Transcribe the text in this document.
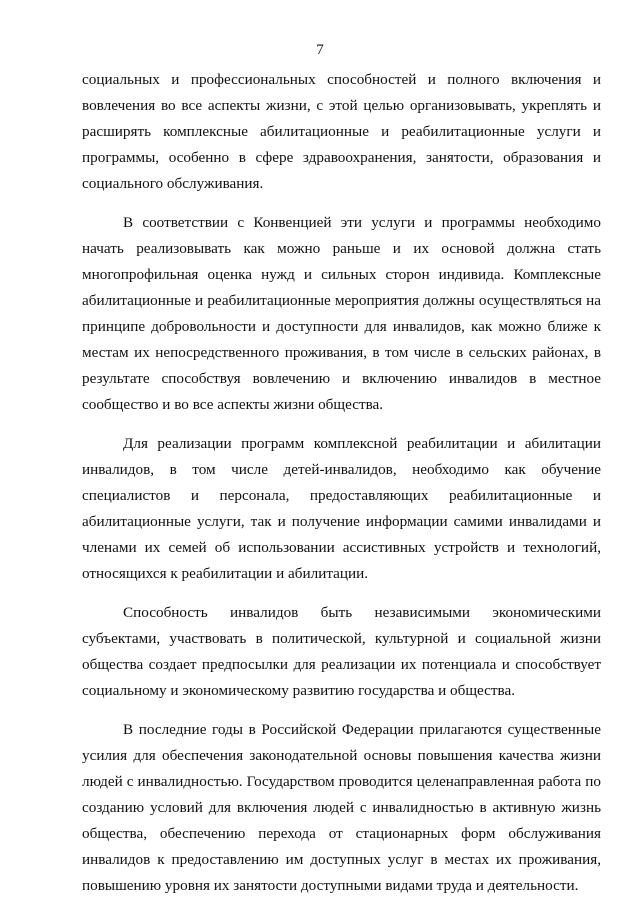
7

социальных и профессиональных способностей и полного включения и вовлечения во все аспекты жизни, с этой целью организовывать, укреплять и расширять комплексные абилитационные и реабилитационные услуги и программы, особенно в сфере здравоохранения, занятости, образования и социального обслуживания.

В соответствии с Конвенцией эти услуги и программы необходимо начать реализовывать как можно раньше и их основой должна стать многопрофильная оценка нужд и сильных сторон индивида. Комплексные абилитационные и реабилитационные мероприятия должны осуществляться на принципе добровольности и доступности для инвалидов, как можно ближе к местам их непосредственного проживания, в том числе в сельских районах, в результате способствуя вовлечению и включению инвалидов в местное сообщество и во все аспекты жизни общества.

Для реализации программ комплексной реабилитации и абилитации инвалидов, в том числе детей-инвалидов, необходимо как обучение специалистов и персонала, предоставляющих реабилитационные и абилитационные услуги, так и получение информации самими инвалидами и членами их семей об использовании ассистивных устройств и технологий, относящихся к реабилитации и абилитации.

Способность инвалидов быть независимыми экономическими субъектами, участвовать в политической, культурной и социальной жизни общества создает предпосылки для реализации их потенциала и способствует социальному и экономическому развитию государства и общества.

В последние годы в Российской Федерации прилагаются существенные усилия для обеспечения законодательной основы повышения качества жизни людей с инвалидностью. Государством проводится целенаправленная работа по созданию условий для включения людей с инвалидностью в активную жизнь общества, обеспечению перехода от стационарных форм обслуживания инвалидов к предоставлению им доступных услуг в местах их проживания, повышению уровня их занятости доступными видами труда и деятельности.
